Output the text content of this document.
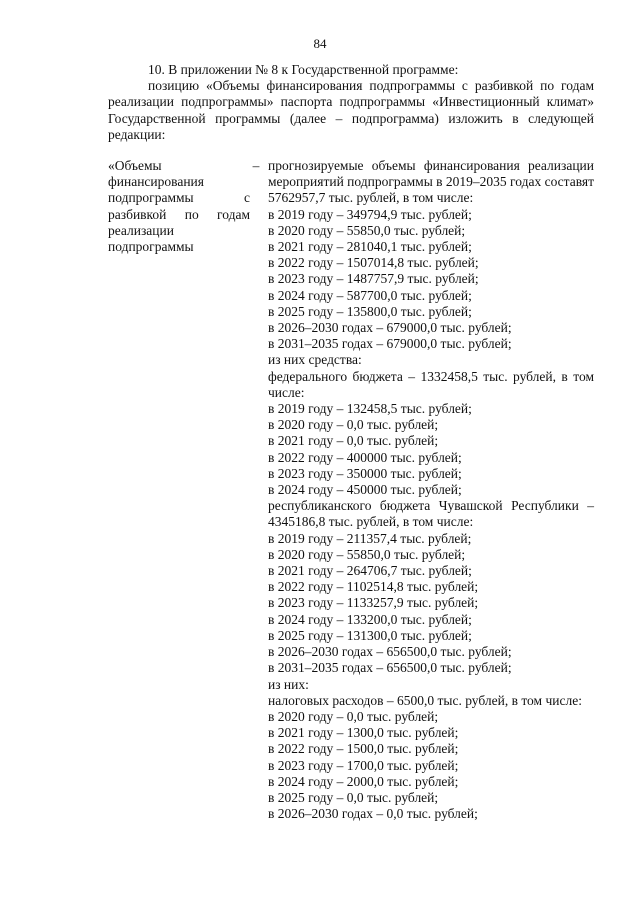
84

10. В приложении № 8 к Государственной программе:

позицию «Объемы финансирования подпрограммы с разбивкой по годам реализации подпрограммы» паспорта подпрограммы «Инвестиционный климат» Государственной программы (далее – подпрограмма) изложить в следующей редакции:

«Объемы финансирования подпрограммы с разбивкой по годам реализации подпрограммы
– прогнозируемые объемы финансирования реализации мероприятий подпрограммы в 2019–2035 годах составят 5762957,7 тыс. рублей, в том числе:
в 2019 году – 349794,9 тыс. рублей;
в 2020 году – 55850,0 тыс. рублей;
в 2021 году – 281040,1 тыс. рублей;
в 2022 году – 1507014,8 тыс. рублей;
в 2023 году – 1487757,9 тыс. рублей;
в 2024 году – 587700,0 тыс. рублей;
в 2025 году – 135800,0 тыс. рублей;
в 2026–2030 годах – 679000,0 тыс. рублей;
в 2031–2035 годах – 679000,0 тыс. рублей;
из них средства:
федерального бюджета – 1332458,5 тыс. рублей, в том числе:
в 2019 году – 132458,5 тыс. рублей;
в 2020 году – 0,0 тыс. рублей;
в 2021 году – 0,0 тыс. рублей;
в 2022 году – 400000 тыс. рублей;
в 2023 году – 350000 тыс. рублей;
в 2024 году – 450000 тыс. рублей;
республиканского бюджета Чувашской Республики – 4345186,8 тыс. рублей, в том числе:
в 2019 году – 211357,4 тыс. рублей;
в 2020 году – 55850,0 тыс. рублей;
в 2021 году – 264706,7 тыс. рублей;
в 2022 году – 1102514,8 тыс. рублей;
в 2023 году – 1133257,9 тыс. рублей;
в 2024 году – 133200,0 тыс. рублей;
в 2025 году – 131300,0 тыс. рублей;
в 2026–2030 годах – 656500,0 тыс. рублей;
в 2031–2035 годах – 656500,0 тыс. рублей;
из них:
налоговых расходов – 6500,0 тыс. рублей, в том числе:
в 2020 году – 0,0 тыс. рублей;
в 2021 году – 1300,0 тыс. рублей;
в 2022 году – 1500,0 тыс. рублей;
в 2023 году – 1700,0 тыс. рублей;
в 2024 году – 2000,0 тыс. рублей;
в 2025 году – 0,0 тыс. рублей;
в 2026–2030 годах – 0,0 тыс. рублей;
